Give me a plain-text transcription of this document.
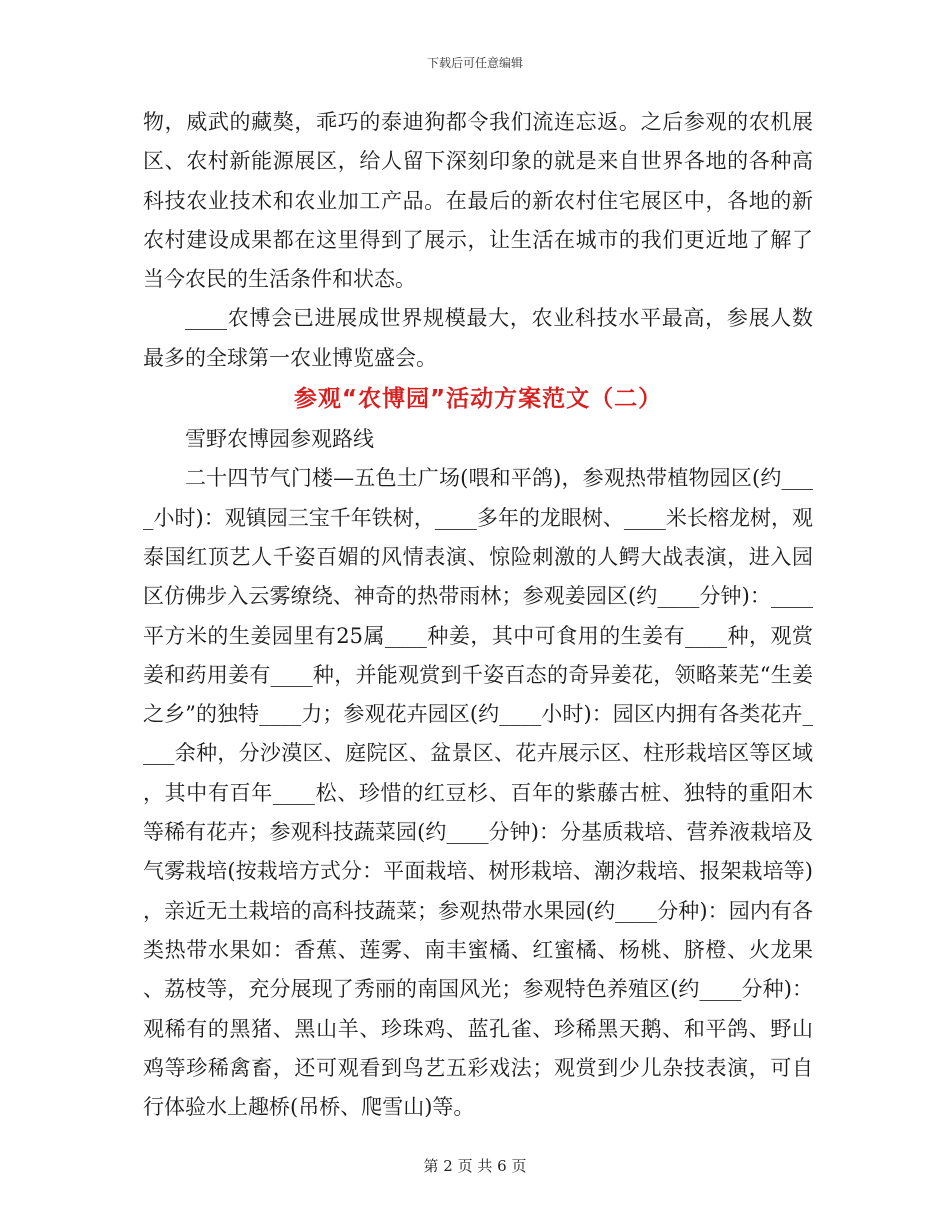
下载后可任意编辑

物，威武的藏獒，乖巧的泰迪狗都令我们流连忘返。之后参观的农机展区、农村新能源展区，给人留下深刻印象的就是来自世界各地的各种高科技农业技术和农业加工产品。在最后的新农村住宅展区中，各地的新农村建设成果都在这里得到了展示，让生活在城市的我们更近地了解了当今农民的生活条件和状态。

____农博会已进展成世界规模最大，农业科技水平最高，参展人数最多的全球第一农业博览盛会。

参观“农博园”活动方案范文（二）

雪野农博园参观路线

二十四节气门楼—五色土广场(喂和平鸽)，参观热带植物园区(约____小时)：观镇园三宝千年铁树，____多年的龙眼树、____米长榕龙树，观泰国红顶艺人千姿百媚的风情表演、惊险刺激的人鳄大战表演，进入园区仿佛步入云雾缭绕、神奇的热带雨林；参观姜园区(约____分钟)：____平方米的生姜园里有25属____种姜，其中可食用的生姜有____种，观赏姜和药用姜有____种，并能观赏到千姿百态的奇异姜花，领略莱芜“生姜之乡”的独特____力；参观花卉园区(约____小时)：园区内拥有各类花卉____余种，分沙漠区、庭院区、盆景区、花卉展示区、柱形栽培区等区域，其中有百年____松、珍惜的红豆杉、百年的紫藤古桩、独特的重阳木等稀有花卉；参观科技蔬菜园(约____分钟)：分基质栽培、营养液栽培及气雾栽培(按栽培方式分：平面栽培、树形栽培、潮汐栽培、报架栽培等)，亲近无土栽培的高科技蔬菜；参观热带水果园(约____分种)：园内有各类热带水果如：香蕉、莲雾、南丰蜜橘、红蜜橘、杨桃、脐橙、火龙果、荔枝等，充分展现了秀丽的南国风光；参观特色养殖区(约____分种)：观稀有的黑猪、黑山羊、珍珠鸡、蓝孔雀、珍稀黑天鹅、和平鸽、野山鸡等珍稀禽畜，还可观看到鸟艺五彩戏法；观赏到少儿杂技表演，可自行体验水上趣桥(吊桥、爬雪山)等。

第 2 页 共 6 页
